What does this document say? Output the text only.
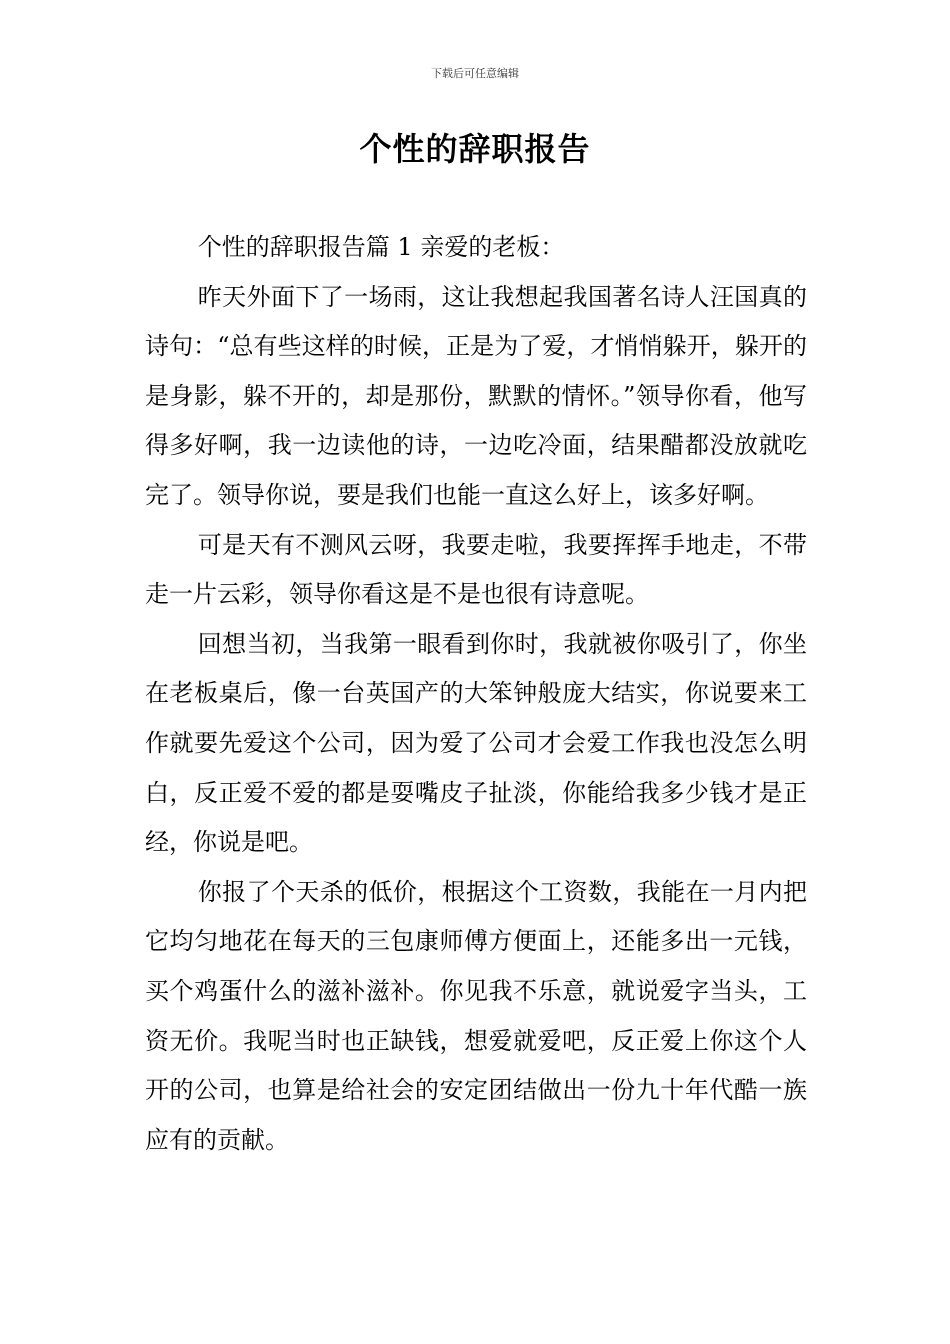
下载后可任意编辑
个性的辞职报告

个性的辞职报告篇 1 亲爱的老板：

昨天外面下了一场雨，这让我想起我国著名诗人汪国真的诗句：“总有些这样的时候，正是为了爱，才悄悄躲开，躲开的是身影，躲不开的，却是那份，默默的情怀。”领导你看，他写得多好啊，我一边读他的诗，一边吃冷面，结果醋都没放就吃完了。领导你说，要是我们也能一直这么好上，该多好啊。

可是天有不测风云呀，我要走啦，我要挥挥手地走，不带走一片云彩，领导你看这是不是也很有诗意呢。

回想当初，当我第一眼看到你时，我就被你吸引了，你坐在老板桌后，像一台英国产的大笨钟般庞大结实，你说要来工作就要先爱这个公司，因为爱了公司才会爱工作我也没怎么明白，反正爱不爱的都是耍嘴皮子扯淡，你能给我多少钱才是正经，你说是吧。

你报了个天杀的低价，根据这个工资数，我能在一月内把它均匀地花在每天的三包康师傅方便面上，还能多出一元钱，买个鸡蛋什么的滋补滋补。你见我不乐意，就说爱字当头，工资无价。我呢当时也正缺钱，想爱就爱吧，反正爱上你这个人开的公司，也算是给社会的安定团结做出一份九十年代酷一族应有的贡献。
